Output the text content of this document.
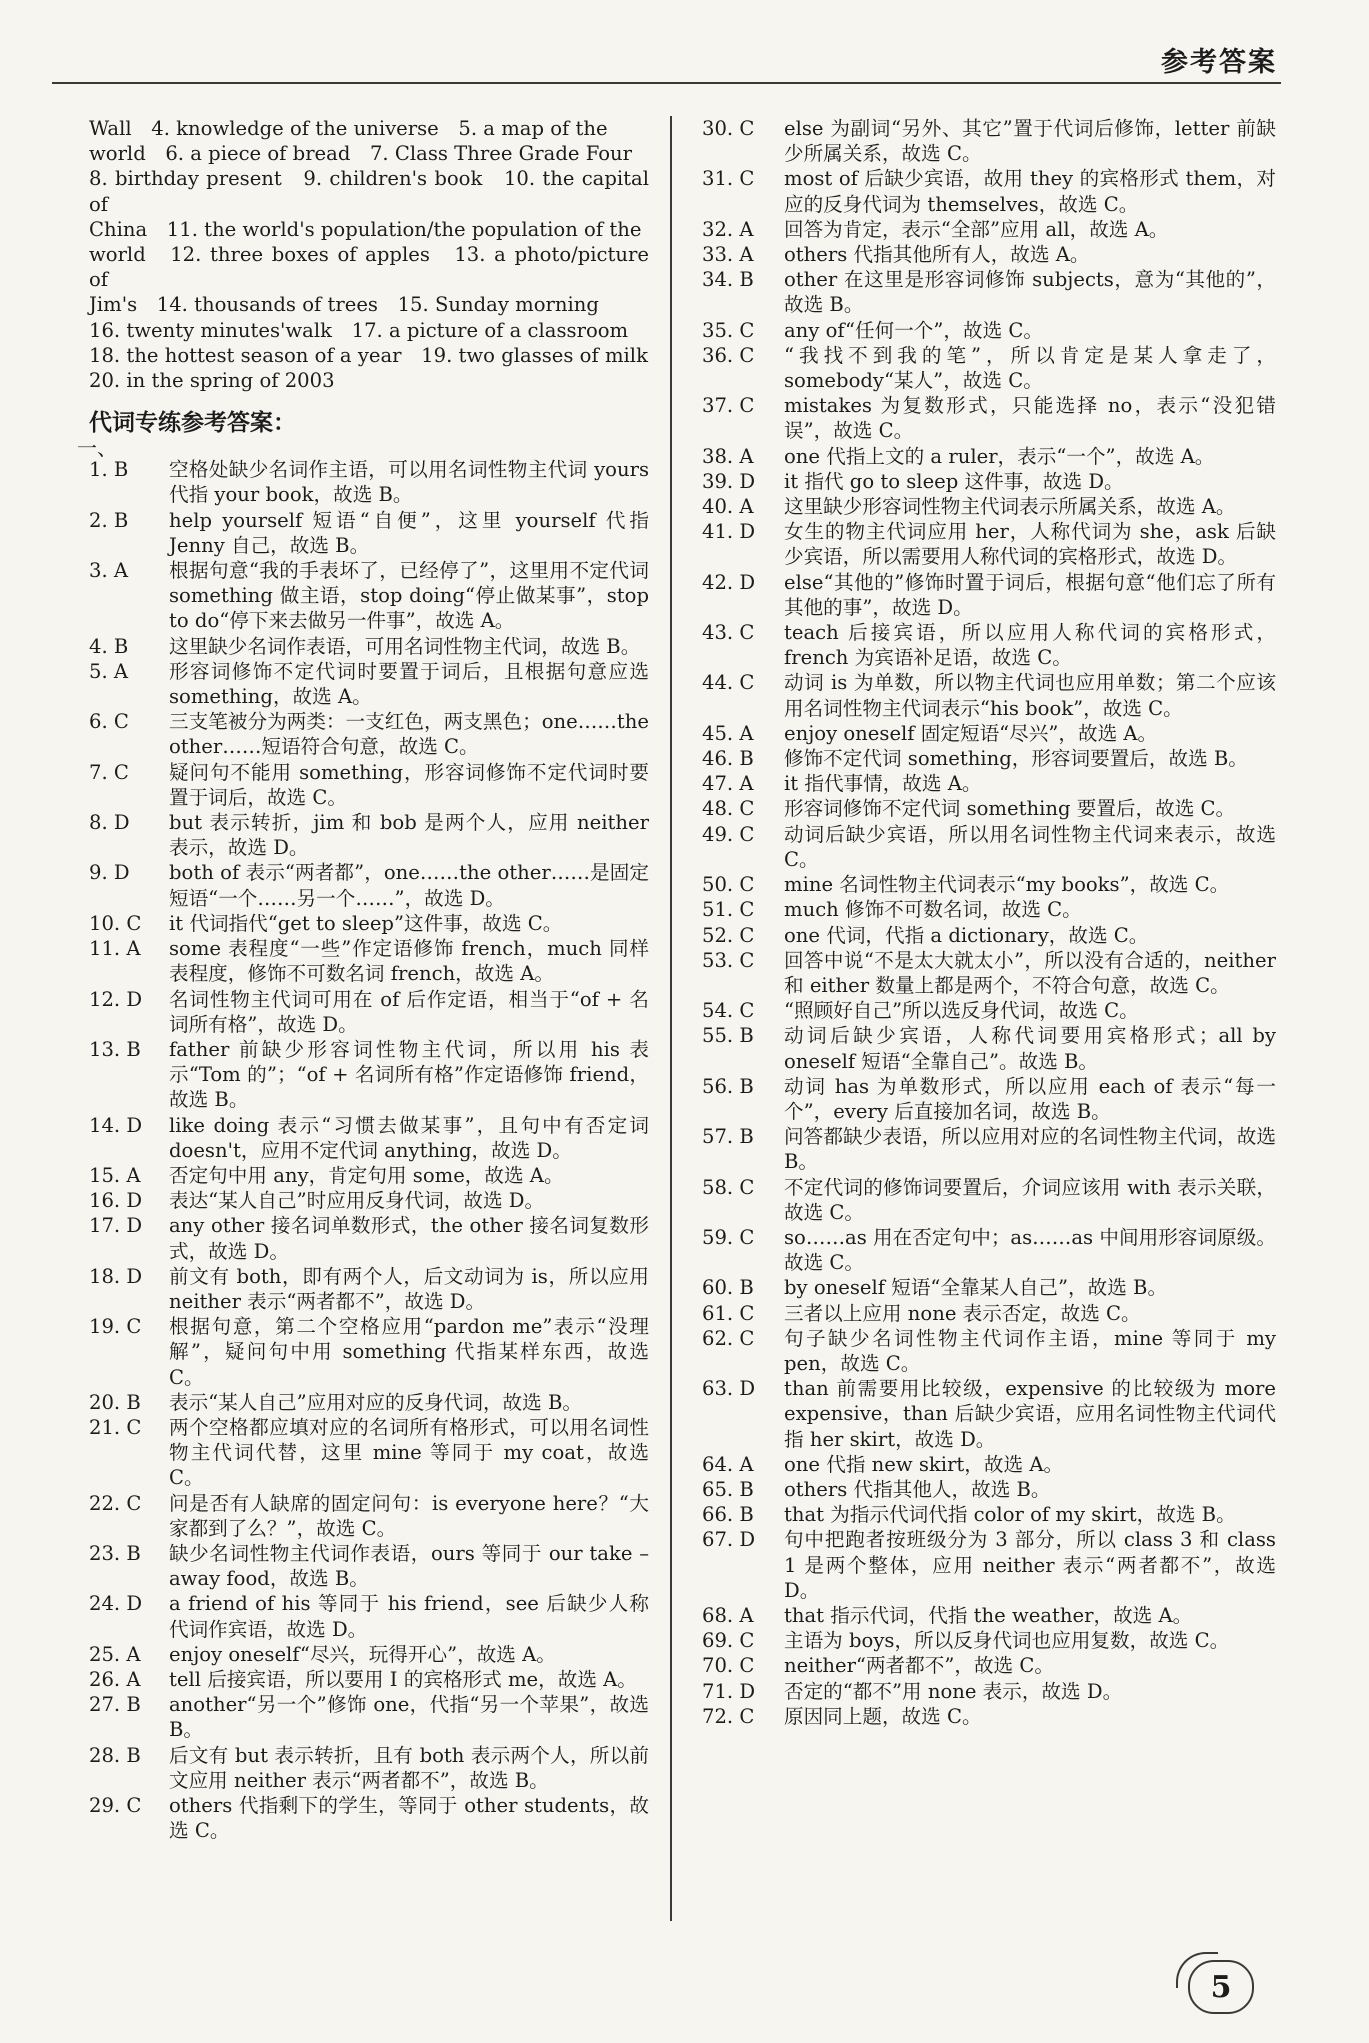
参考答案
Wall　4. knowledge of the universe　5. a map of the
world　6. a piece of bread　7. Class Three Grade Four
8. birthday present　9. children's book　10. the capital of
China　11. the world's population/the population of the
world　12. three boxes of apples　13. a photo/picture of
Jim's　14. thousands of trees　15. Sunday morning
16. twenty minutes'walk　17. a picture of a classroom
18. the hottest season of a year　19. two glasses of milk
20. in the spring of 2003
代词专练参考答案：
一、
1. B	空格处缺少名词作主语，可以用名词性物主代词 yours 代指 your book，故选 B。
2. B	help yourself 短语“自便”，这里 yourself 代指 Jenny 自己，故选 B。
3. A	根据句意“我的手表坏了，已经停了”，这里用不定代词 something 做主语，stop doing“停止做某事”，stop to do“停下来去做另一件事”，故选 A。
4. B	这里缺少名词作表语，可用名词性物主代词，故选 B。
5. A	形容词修饰不定代词时要置于词后，且根据句意应选 something，故选 A。
6. C	三支笔被分为两类：一支红色，两支黑色；one……the other……短语符合句意，故选 C。
7. C	疑问句不能用 something，形容词修饰不定代词时要置于词后，故选 C。
8. D	but 表示转折，jim 和 bob 是两个人，应用 neither 表示，故选 D。
9. D	both of 表示“两者都”，one……the other……是固定短语“一个……另一个……”，故选 D。
10. C	it 代词指代“get to sleep”这件事，故选 C。
11. A	some 表程度“一些”作定语修饰 french，much 同样表程度，修饰不可数名词 french，故选 A。
12. D	名词性物主代词可用在 of 后作定语，相当于“of + 名词所有格”，故选 D。
13. B	father 前缺少形容词性物主代词，所以用 his 表示“Tom 的”；“of + 名词所有格”作定语修饰 friend，故选 B。
14. D	like doing 表示“习惯去做某事”，且句中有否定词 doesn't，应用不定代词 anything，故选 D。
15. A	否定句中用 any，肯定句用 some，故选 A。
16. D	表达“某人自己”时应用反身代词，故选 D。
17. D	any other 接名词单数形式，the other 接名词复数形式，故选 D。
18. D	前文有 both，即有两个人，后文动词为 is，所以应用 neither 表示“两者都不”，故选 D。
19. C	根据句意，第二个空格应用“pardon me”表示“没理解”，疑问句中用 something 代指某样东西，故选 C。
20. B	表示“某人自己”应用对应的反身代词，故选 B。
21. C	两个空格都应填对应的名词所有格形式，可以用名词性物主代词代替，这里 mine 等同于 my coat，故选 C。
22. C	问是否有人缺席的固定问句：is everyone here？“大家都到了么？”，故选 C。
23. B	缺少名词性物主代词作表语，ours 等同于 our take – away food，故选 B。
24. D	a friend of his 等同于 his friend，see 后缺少人称代词作宾语，故选 D。
25. A	enjoy oneself“尽兴，玩得开心”，故选 A。
26. A	tell 后接宾语，所以要用 I 的宾格形式 me，故选 A。
27. B	another“另一个”修饰 one，代指“另一个苹果”，故选 B。
28. B	后文有 but 表示转折，且有 both 表示两个人，所以前文应用 neither 表示“两者都不”，故选 B。
29. C	others 代指剩下的学生，等同于 other students，故选 C。
30. C	else 为副词“另外、其它”置于代词后修饰，letter 前缺少所属关系，故选 C。
31. C	most of 后缺少宾语，故用 they 的宾格形式 them，对应的反身代词为 themselves，故选 C。
32. A	回答为肯定，表示“全部”应用 all，故选 A。
33. A	others 代指其他所有人，故选 A。
34. B	other 在这里是形容词修饰 subjects，意为“其他的”，故选 B。
35. C	any of“任何一个”，故选 C。
36. C	“我找不到我的笔”，所以肯定是某人拿走了，somebody“某人”，故选 C。
37. C	mistakes 为复数形式，只能选择 no，表示“没犯错误”，故选 C。
38. A	one 代指上文的 a ruler，表示“一个”，故选 A。
39. D	it 指代 go to sleep 这件事，故选 D。
40. A	这里缺少形容词性物主代词表示所属关系，故选 A。
41. D	女生的物主代词应用 her，人称代词为 she，ask 后缺少宾语，所以需要用人称代词的宾格形式，故选 D。
42. D	else“其他的”修饰时置于词后，根据句意“他们忘了所有其他的事”，故选 D。
43. C	teach 后接宾语，所以应用人称代词的宾格形式，french 为宾语补足语，故选 C。
44. C	动词 is 为单数，所以物主代词也应用单数；第二个应该用名词性物主代词表示“his book”，故选 C。
45. A	enjoy oneself 固定短语“尽兴”，故选 A。
46. B	修饰不定代词 something，形容词要置后，故选 B。
47. A	it 指代事情，故选 A。
48. C	形容词修饰不定代词 something 要置后，故选 C。
49. C	动词后缺少宾语，所以用名词性物主代词来表示，故选 C。
50. C	mine 名词性物主代词表示“my books”，故选 C。
51. C	much 修饰不可数名词，故选 C。
52. C	one 代词，代指 a dictionary，故选 C。
53. C	回答中说“不是太大就太小”，所以没有合适的，neither 和 either 数量上都是两个，不符合句意，故选 C。
54. C	“照顾好自己”所以选反身代词，故选 C。
55. B	动词后缺少宾语，人称代词要用宾格形式；all by oneself 短语“全靠自己”。故选 B。
56. B	动词 has 为单数形式，所以应用 each of 表示“每一个”，every 后直接加名词，故选 B。
57. B	问答都缺少表语，所以应用对应的名词性物主代词，故选 B。
58. C	不定代词的修饰词要置后，介词应该用 with 表示关联，故选 C。
59. C	so……as 用在否定句中；as……as 中间用形容词原级。故选 C。
60. B	by oneself 短语“全靠某人自己”，故选 B。
61. C	三者以上应用 none 表示否定，故选 C。
62. C	句子缺少名词性物主代词作主语，mine 等同于 my pen，故选 C。
63. D	than 前需要用比较级，expensive 的比较级为 more expensive，than 后缺少宾语，应用名词性物主代词代指 her skirt，故选 D。
64. A	one 代指 new skirt，故选 A。
65. B	others 代指其他人，故选 B。
66. B	that 为指示代词代指 color of my skirt，故选 B。
67. D	句中把跑者按班级分为 3 部分，所以 class 3 和 class 1 是两个整体，应用 neither 表示“两者都不”，故选 D。
68. A	that 指示代词，代指 the weather，故选 A。
69. C	主语为 boys，所以反身代词也应用复数，故选 C。
70. C	neither“两者都不”，故选 C。
71. D	否定的“都不”用 none 表示，故选 D。
72. C	原因同上题，故选 C。
5
